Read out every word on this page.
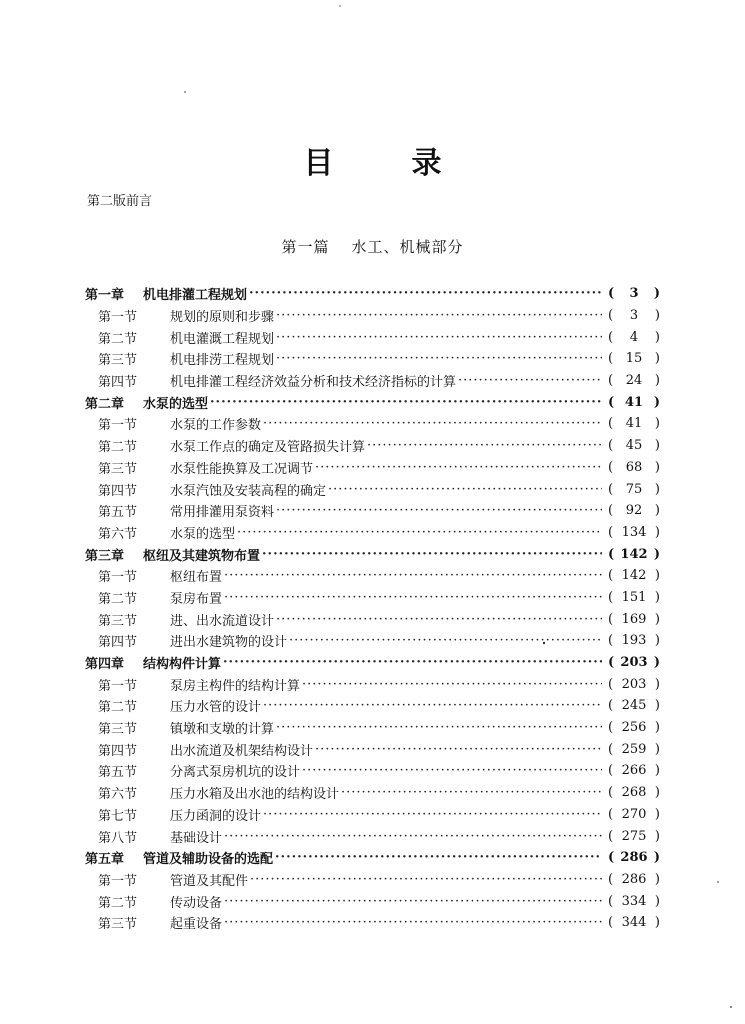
目	录
第二版前言
第一篇 水工、机械部分
第一章	机电排灌工程规划 ·····	(	3	)
第一节	规划的原则和步骤 ·····	(	3	)
第二节	机电灌溉工程规划 ·····	(	4	)
第三节	机电排涝工程规划 ·····	( 15 )
第四节	机电排灌工程经济效益分析和技术经济指标的计算 ·····	( 24 )
第二章	水泵的选型 ·····	( 41 )
第一节	水泵的工作参数 ·····	( 41 )
第二节	水泵工作点的确定及管路损失计算 ·····	( 45 )
第三节	水泵性能换算及工况调节 ·····	( 68 )
第四节	水泵汽蚀及安装高程的确定 ·····	( 75 )
第五节	常用排灌用泵资料 ·····	( 92 )
第六节	水泵的选型 ·····	( 134 )
第三章	枢纽及其建筑物布置 ·····	( 142 )
第一节	枢纽布置 ·····	( 142 )
第二节	泵房布置 ·····	( 151 )
第三节	进、出水流道设计 ·····	( 169 )
第四节	进出水建筑物的设计 ·····	( 193 )
第四章	结构构件计算 ·····	( 203 )
第一节	泵房主构件的结构计算 ·····	( 203 )
第二节	压力水管的设计 ·····	( 245 )
第三节	镇墩和支墩的计算 ·····	( 256 )
第四节	出水流道及机架结构设计 ·····	( 259 )
第五节	分离式泵房机坑的设计 ·····	( 266 )
第六节	压力水箱及出水池的结构设计 ·····	( 268 )
第七节	压力函洞的设计 ·····	( 270 )
第八节	基础设计 ·····	( 275 )
第五章	管道及辅助设备的选配 ·····	( 286 )
第一节	管道及其配件 ·····	( 286 )
第二节	传动设备 ·····	( 334 )
第三节	起重设备 ·····	( 344 )
